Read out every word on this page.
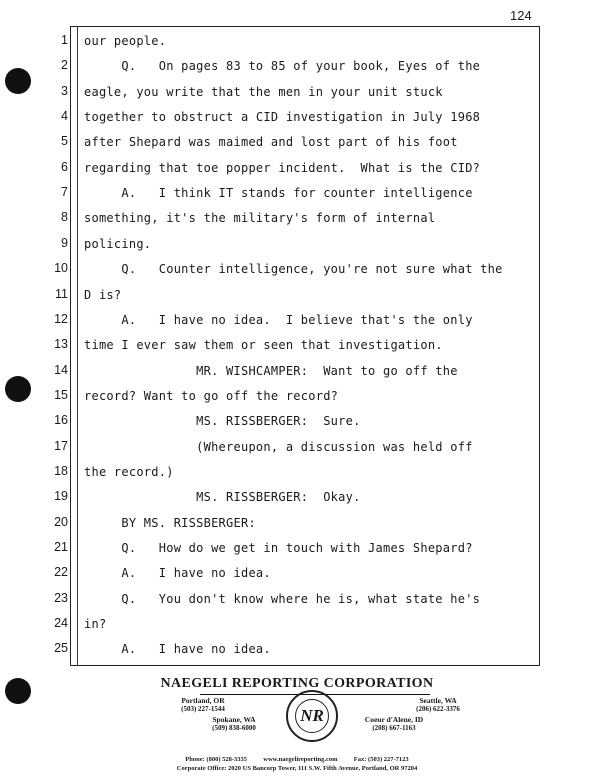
124
1 our people.
2 Q.   On pages 83 to 85 of your book, Eyes of the
3 eagle, you write that the men in your unit stuck
4 together to obstruct a CID investigation in July 1968
5 after Shepard was maimed and lost part of his foot
6 regarding that toe popper incident.  What is the CID?
7 A.   I think IT stands for counter intelligence
8 something, it's the military's form of internal
9 policing.
10 Q.   Counter intelligence, you're not sure what the
11 D is?
12 A.   I have no idea.  I believe that's the only
13 time I ever saw them or seen that investigation.
14 MR. WISHCAMPER:  Want to go off the
15 record? Want to go off the record?
16 MS. RISSBERGER:  Sure.
17 (Whereupon, a discussion was held off
18 the record.)
19 MS. RISSBERGER:  Okay.
20 BY MS. RISSBERGER:
21 Q.   How do we get in touch with James Shepard?
22 A.   I have no idea.
23 Q.   You don't know where he is, what state he's
24 in?
25 A.   I have no idea.
NAEGELI REPORTING CORPORATION
Portland, OR
(503) 227-1544
Seattle, WA
(206) 622-3376
Spokane, WA
(509) 838-6000
Coeur d'Alene, ID
(208) 667-1163
NR
Phone: (800) 528-3335          www.naegelireporting.com          Fax: (503) 227-7123
Corporate Office: 2020 US Bancorp Tower, 111 S.W. Fifth Avenue, Portland, OR 97204
